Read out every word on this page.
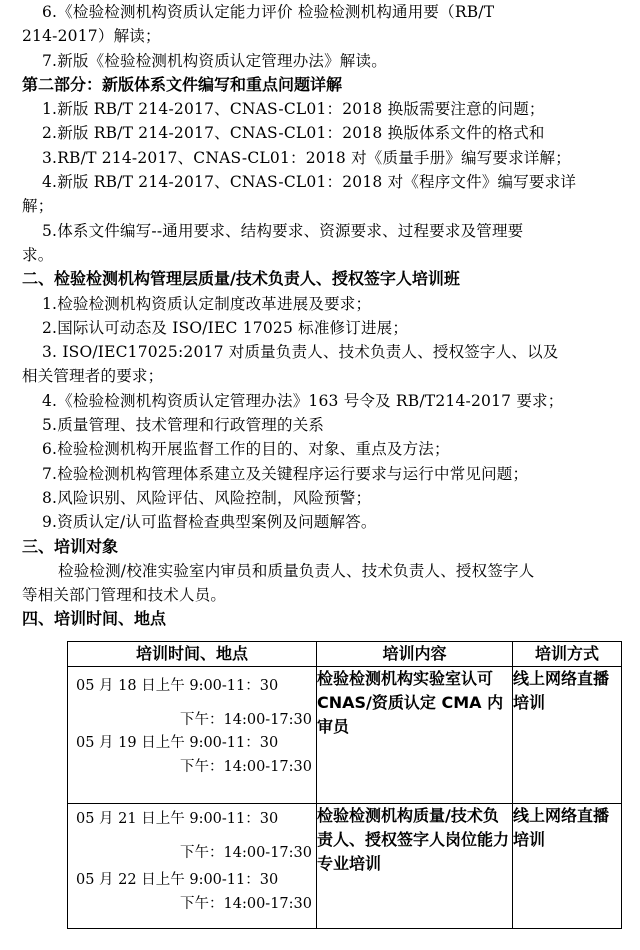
6.《检验检测机构资质认定能力评价 检验检测机构通用要（RB/T
214-2017）解读；
7.新版《检验检测机构资质认定管理办法》解读。
第二部分：新版体系文件编写和重点问题详解
1.新版 RB/T 214-2017、CNAS-CL01：2018 换版需要注意的问题；
2.新版 RB/T 214-2017、CNAS-CL01：2018 换版体系文件的格式和
3.RB/T 214-2017、CNAS-CL01：2018 对《质量手册》编写要求详解；
4.新版 RB/T 214-2017、CNAS-CL01：2018 对《程序文件》编写要求详
解；
5.体系文件编写--通用要求、结构要求、资源要求、过程要求及管理要
求。
二、检验检测机构管理层质量/技术负责人、授权签字人培训班
1.检验检测机构资质认定制度改革进展及要求；
2.国际认可动态及 ISO/IEC 17025 标准修订进展；
3. ISO/IEC17025:2017 对质量负责人、技术负责人、授权签字人、以及
相关管理者的要求；
4.《检验检测机构资质认定管理办法》163 号令及 RB/T214-2017 要求；
5.质量管理、技术管理和行政管理的关系
6.检验检测机构开展监督工作的目的、对象、重点及方法；
7.检验检测机构管理体系建立及关键程序运行要求与运行中常见问题；
8.风险识别、风险评估、风险控制，风险预警；
9.资质认定/认可监督检查典型案例及问题解答。
三、培训对象
检验检测/校准实验室内审员和质量负责人、技术负责人、授权签字人
等相关部门管理和技术人员。
四、培训时间、地点
培训时间、地点	培训内容	培训方式

05 月 18 日上午 9:00-11：30
下午：14:00-17:30
05 月 19 日上午 9:00-11：30
下午：14:00-17:30	检验检测机构实验室认可 CNAS/资质认定 CMA 内审员	线上网络直播培训

05 月 21 日上午 9:00-11：30
下午：14:00-17:30
05 月 22 日上午 9:00-11：30
下午：14:00-17:30	检验检测机构质量/技术负责人、授权签字人岗位能力专业培训	线上网络直播培训
